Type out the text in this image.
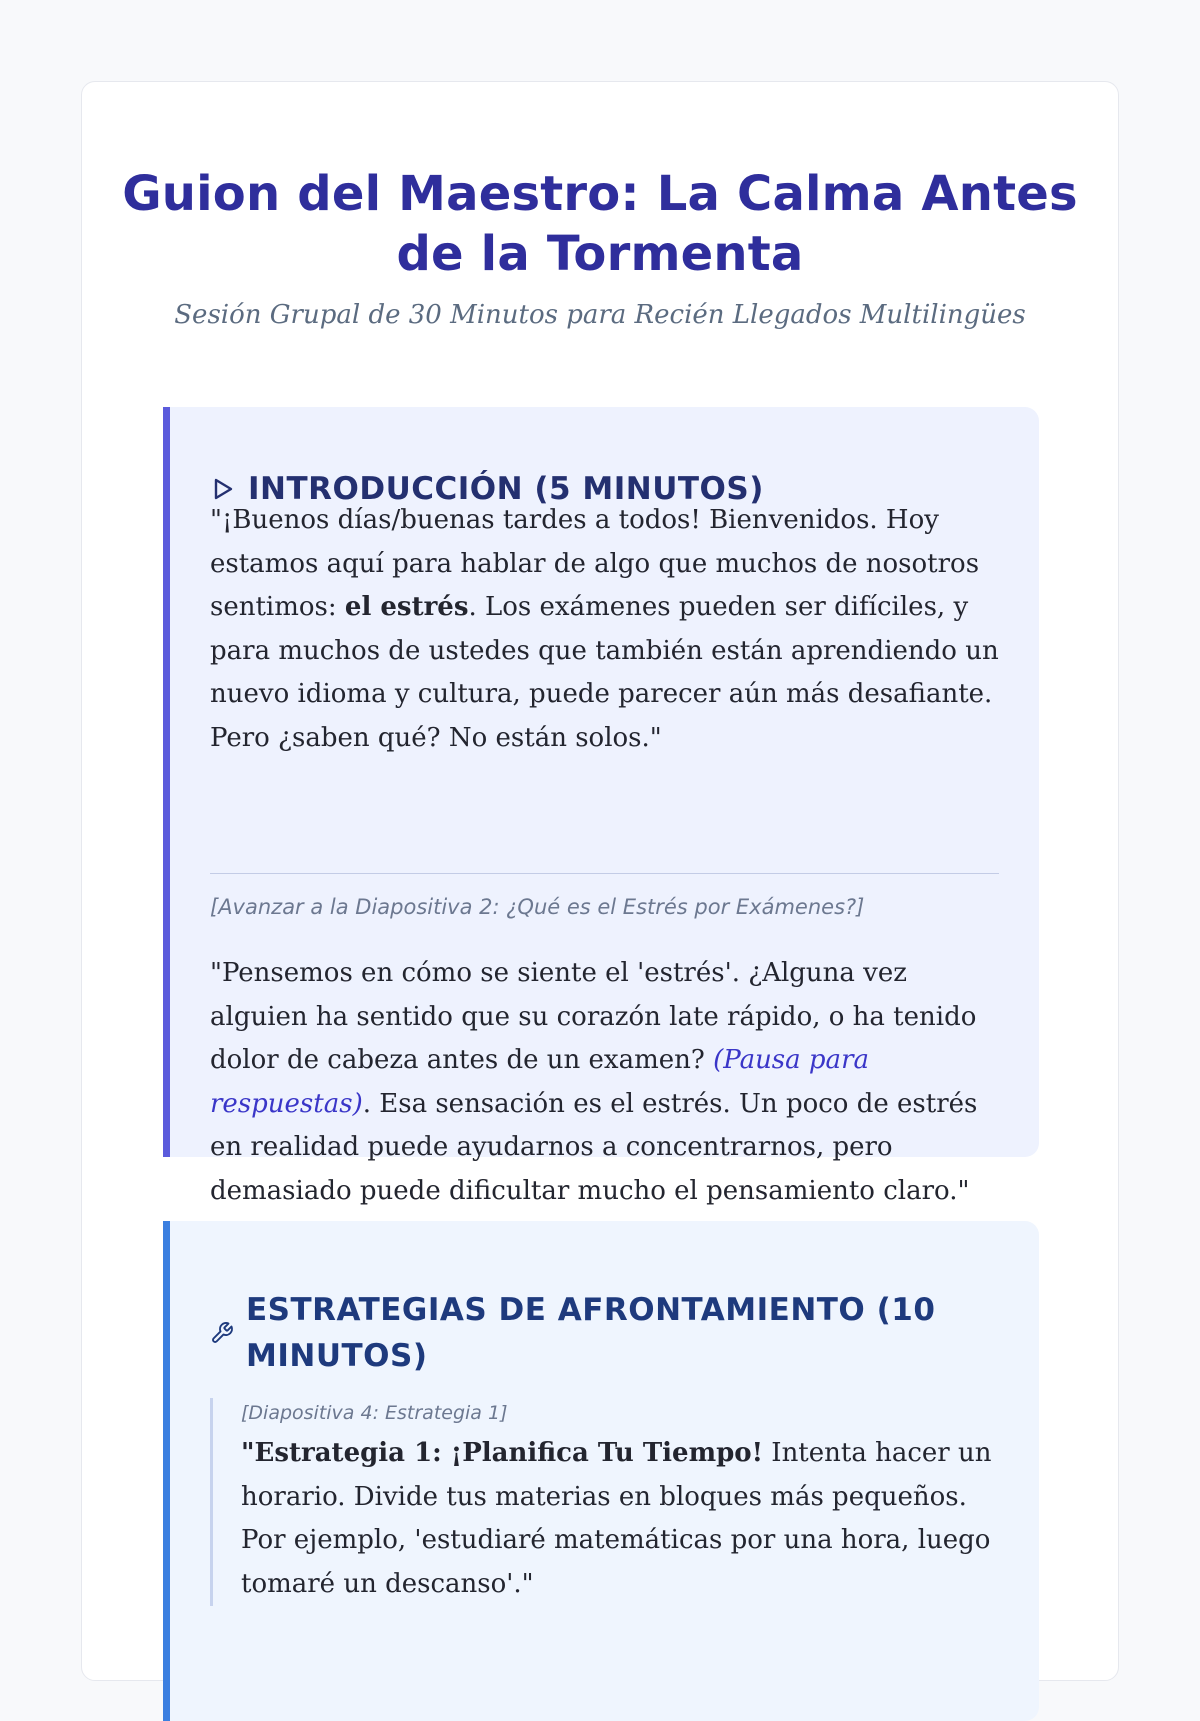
Guion del Maestro: La Calma Antes de la Tormenta

Sesión Grupal de 30 Minutos para Recién Llegados Multilingües

INTRODUCCIÓN (5 MINUTOS)

"¡Buenos días/buenas tardes a todos! Bienvenidos. Hoy estamos aquí para hablar de algo que muchos de nosotros sentimos: el estrés. Los exámenes pueden ser difíciles, y para muchos de ustedes que también están aprendiendo un nuevo idioma y cultura, puede parecer aún más desafiante. Pero ¿saben qué? No están solos."

[Avanzar a la Diapositiva 2: ¿Qué es el Estrés por Exámenes?]

"Pensemos en cómo se siente el 'estrés'. ¿Alguna vez alguien ha sentido que su corazón late rápido, o ha tenido dolor de cabeza antes de un examen? (Pausa para respuestas). Esa sensación es el estrés. Un poco de estrés en realidad puede ayudarnos a concentrarnos, pero demasiado puede dificultar mucho el pensamiento claro."

ESTRATEGIAS DE AFRONTAMIENTO (10 MINUTOS)

[Diapositiva 4: Estrategia 1]

"Estrategia 1: ¡Planifica Tu Tiempo! Intenta hacer un horario. Divide tus materias en bloques más pequeños. Por ejemplo, 'estudiaré matemáticas por una hora, luego tomaré un descanso'."
